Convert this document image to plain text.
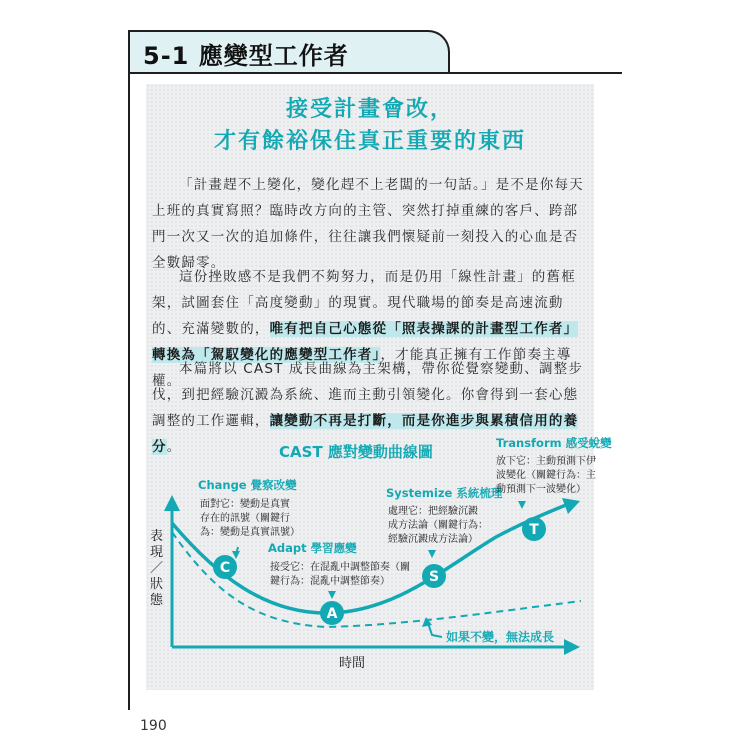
5-1 應變型工作者
接受計畫會改，
才有餘裕保住真正重要的東西
「計畫趕不上變化，變化趕不上老闆的一句話。」是不是你每天上班的真實寫照？臨時改方向的主管、突然打掉重練的客戶、跨部門一次又一次的追加條件，往往讓我們懷疑前一刻投入的心血是否全數歸零。
這份挫敗感不是我們不夠努力，而是仍用「線性計畫」的舊框架，試圖套住「高度變動」的現實。現代職場的節奏是高速流動的、充滿變數的，唯有把自己心態從「照表操課的計畫型工作者」轉換為「駕馭變化的應變型工作者」，才能真正擁有工作節奏主導權。
本篇將以 CAST 成長曲線為主架構，帶你從覺察變動、調整步伐，到把經驗沉澱為系統、進而主動引領變化。你會得到一套心態調整的工作邏輯，讓變動不再是打斷，而是你進步與累積信用的養分。	CAST 應對變動曲線圖
表
現
／
狀
態
時間
C
A
S
T
Change 覺察改變
面對它：變動是真實
存在的訊號（關鍵行
為：變動是真實訊號）
Adapt 學習應變
接受它：在混亂中調整節奏（關
鍵行為：混亂中調整節奏）
Systemize 系統梳理
處理它：把經驗沉澱
成方法論（關鍵行為：
經驗沉澱成方法論）
Transform 感受蛻變
放下它：主動預測下伊
波變化（關鍵行為：主
動預測下一波變化）
如果不變，無法成長
190
